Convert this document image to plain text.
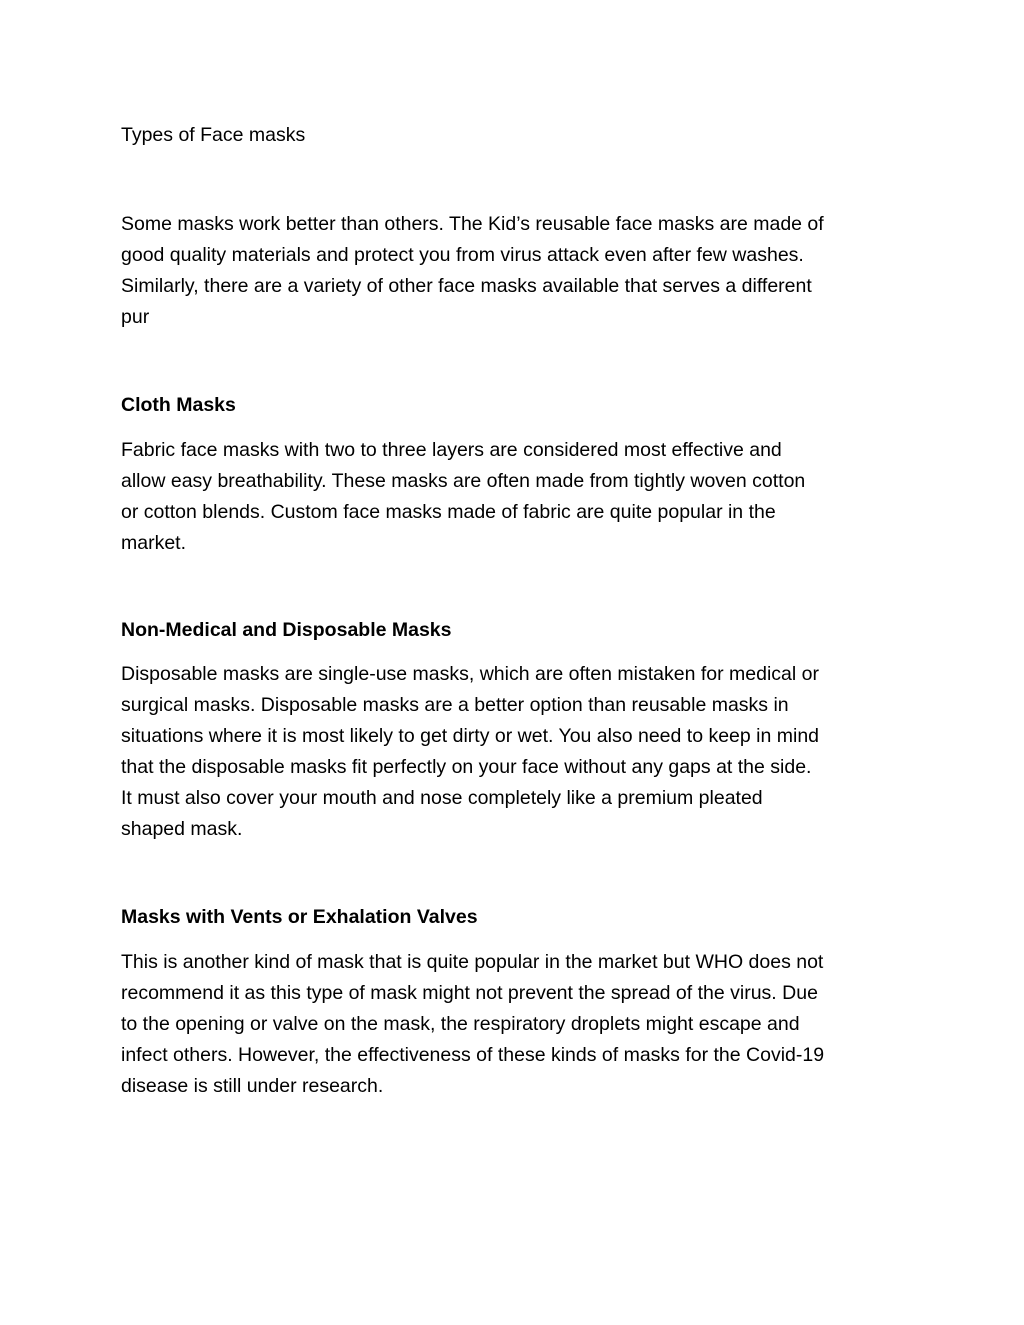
Types of Face masks

Some masks work better than others. The Kid’s reusable face masks are made of
good quality materials and protect you from virus attack even after few washes.
Similarly, there are a variety of other face masks available that serves a different
pur

Cloth Masks

Fabric face masks with two to three layers are considered most effective and
allow easy breathability. These masks are often made from tightly woven cotton
or cotton blends. Custom face masks made of fabric are quite popular in the
market.

Non-Medical and Disposable Masks

Disposable masks are single-use masks, which are often mistaken for medical or
surgical masks. Disposable masks are a better option than reusable masks in
situations where it is most likely to get dirty or wet. You also need to keep in mind
that the disposable masks fit perfectly on your face without any gaps at the side.
It must also cover your mouth and nose completely like a premium pleated
shaped mask.

Masks with Vents or Exhalation Valves

This is another kind of mask that is quite popular in the market but WHO does not
recommend it as this type of mask might not prevent the spread of the virus. Due
to the opening or valve on the mask, the respiratory droplets might escape and
infect others. However, the effectiveness of these kinds of masks for the Covid-19
disease is still under research.
